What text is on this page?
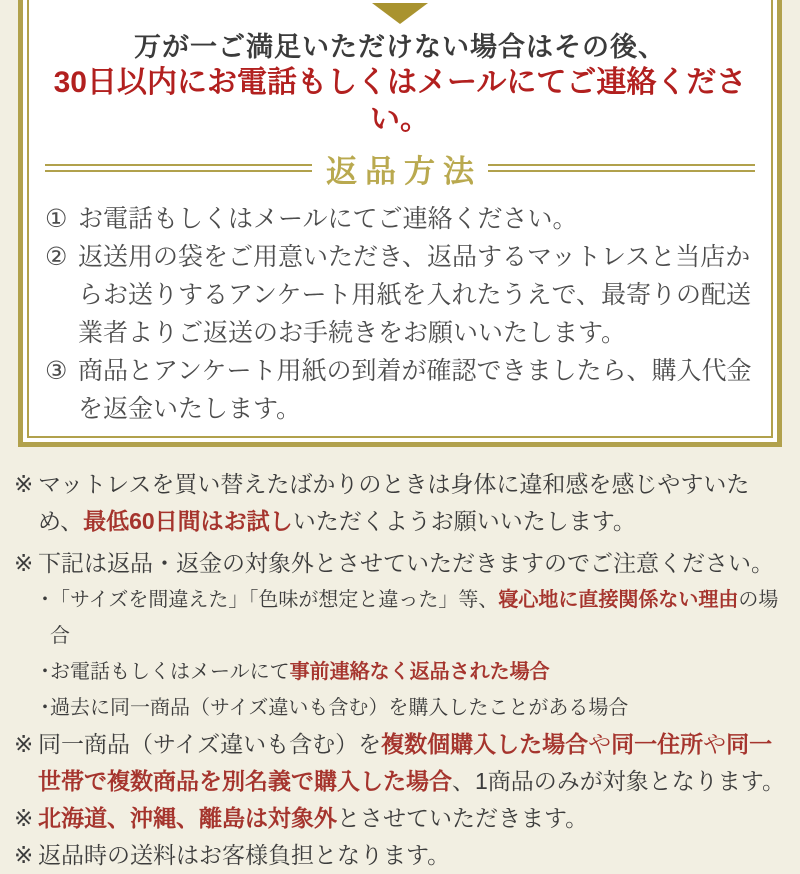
万が一ご満足いただけない場合はその後、
30日以内にお電話もしくはメールにてご連絡ください。
返品方法
① お電話もしくはメールにてご連絡ください。
② 返送用の袋をご用意いただき、返品するマットレスと当店からお送りするアンケート用紙を入れたうえで、最寄りの配送業者よりご返送のお手続きをお願いいたします。
③ 商品とアンケート用紙の到着が確認できましたら、購入代金を返金いたします。
※ マットレスを買い替えたばかりのときは身体に違和感を感じやすいため、最低60日間はお試しいただくようお願いいたします。
※ 下記は返品・返金の対象外とさせていただきますのでご注意ください。
・
「サイズを間違えた」「色味が想定と違った」等、寝心地に直接関係ない理由の場合
・
お電話もしくはメールにて事前連絡なく返品された場合
・
過去に同一商品（サイズ違いも含む）を購入したことがある場合
※ 同一商品（サイズ違いも含む）を複数個購入した場合や同一住所や同一世帯で複数商品を別名義で購入した場合、1商品のみが対象となります。
※ 北海道、沖縄、離島は対象外とさせていただきます。
※ 返品時の送料はお客様負担となります。
